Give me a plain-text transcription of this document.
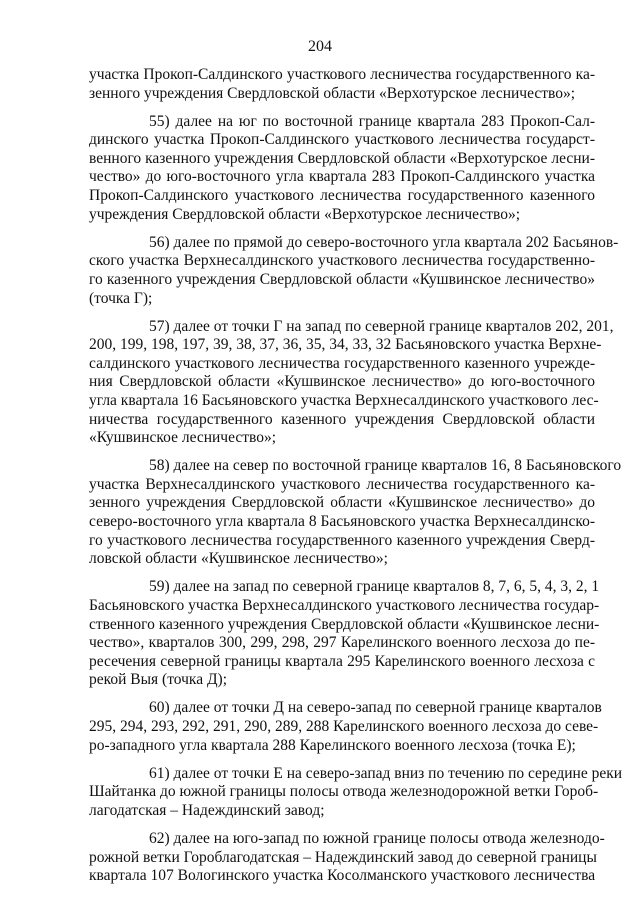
204
участка Прокоп-Салдинского участкового лесничества государственного ка-
зенного учреждения Свердловской области «Верхотурское лесничество»;
55) далее на юг по восточной границе квартала 283 Прокоп-Сал-
динского участка Прокоп-Салдинского участкового лесничества государст-
венного казенного учреждения Свердловской области «Верхотурское лесни-
чество» до юго-восточного угла квартала 283 Прокоп-Салдинского участка
Прокоп-Салдинского участкового лесничества государственного казенного
учреждения Свердловской области «Верхотурское лесничество»;
56) далее по прямой до северо-восточного угла квартала 202 Басьянов-
ского участка Верхнесалдинского участкового лесничества государственно-
го казенного учреждения Свердловской области «Кушвинское лесничество»
(точка Г);
57) далее от точки Г на запад по северной границе кварталов 202, 201,
200, 199, 198, 197, 39, 38, 37, 36, 35, 34, 33, 32 Басьяновского участка Верхне-
салдинского участкового лесничества государственного казенного учрежде-
ния Свердловской области «Кушвинское лесничество» до юго-восточного
угла квартала 16 Басьяновского участка Верхнесалдинского участкового лес-
ничества государственного казенного учреждения Свердловской области
«Кушвинское лесничество»;
58) далее на север по восточной границе кварталов 16, 8 Басьяновского
участка Верхнесалдинского участкового лесничества государственного ка-
зенного учреждения Свердловской области «Кушвинское лесничество» до
северо-восточного угла квартала 8 Басьяновского участка Верхнесалдинско-
го участкового лесничества государственного казенного учреждения Сверд-
ловской области «Кушвинское лесничество»;
59) далее на запад по северной границе кварталов 8, 7, 6, 5, 4, 3, 2, 1
Басьяновского участка Верхнесалдинского участкового лесничества государ-
ственного казенного учреждения Свердловской области «Кушвинское лесни-
чество», кварталов 300, 299, 298, 297 Карелинского военного лесхоза до пе-
ресечения северной границы квартала 295 Карелинского военного лесхоза с
рекой Выя (точка Д);
60) далее от точки Д на северо-запад по северной границе кварталов
295, 294, 293, 292, 291, 290, 289, 288 Карелинского военного лесхоза до севе-
ро-западного угла квартала 288 Карелинского военного лесхоза (точка Е);
61) далее от точки Е на северо-запад вниз по течению по середине реки
Шайтанка до южной границы полосы отвода железнодорожной ветки Гороб-
лагодатская – Надеждинский завод;
62) далее на юго-запад по южной границе полосы отвода железнодо-
рожной ветки Гороблагодатская – Надеждинский завод до северной границы
квартала 107 Вологинского участка Косолманского участкового лесничества
